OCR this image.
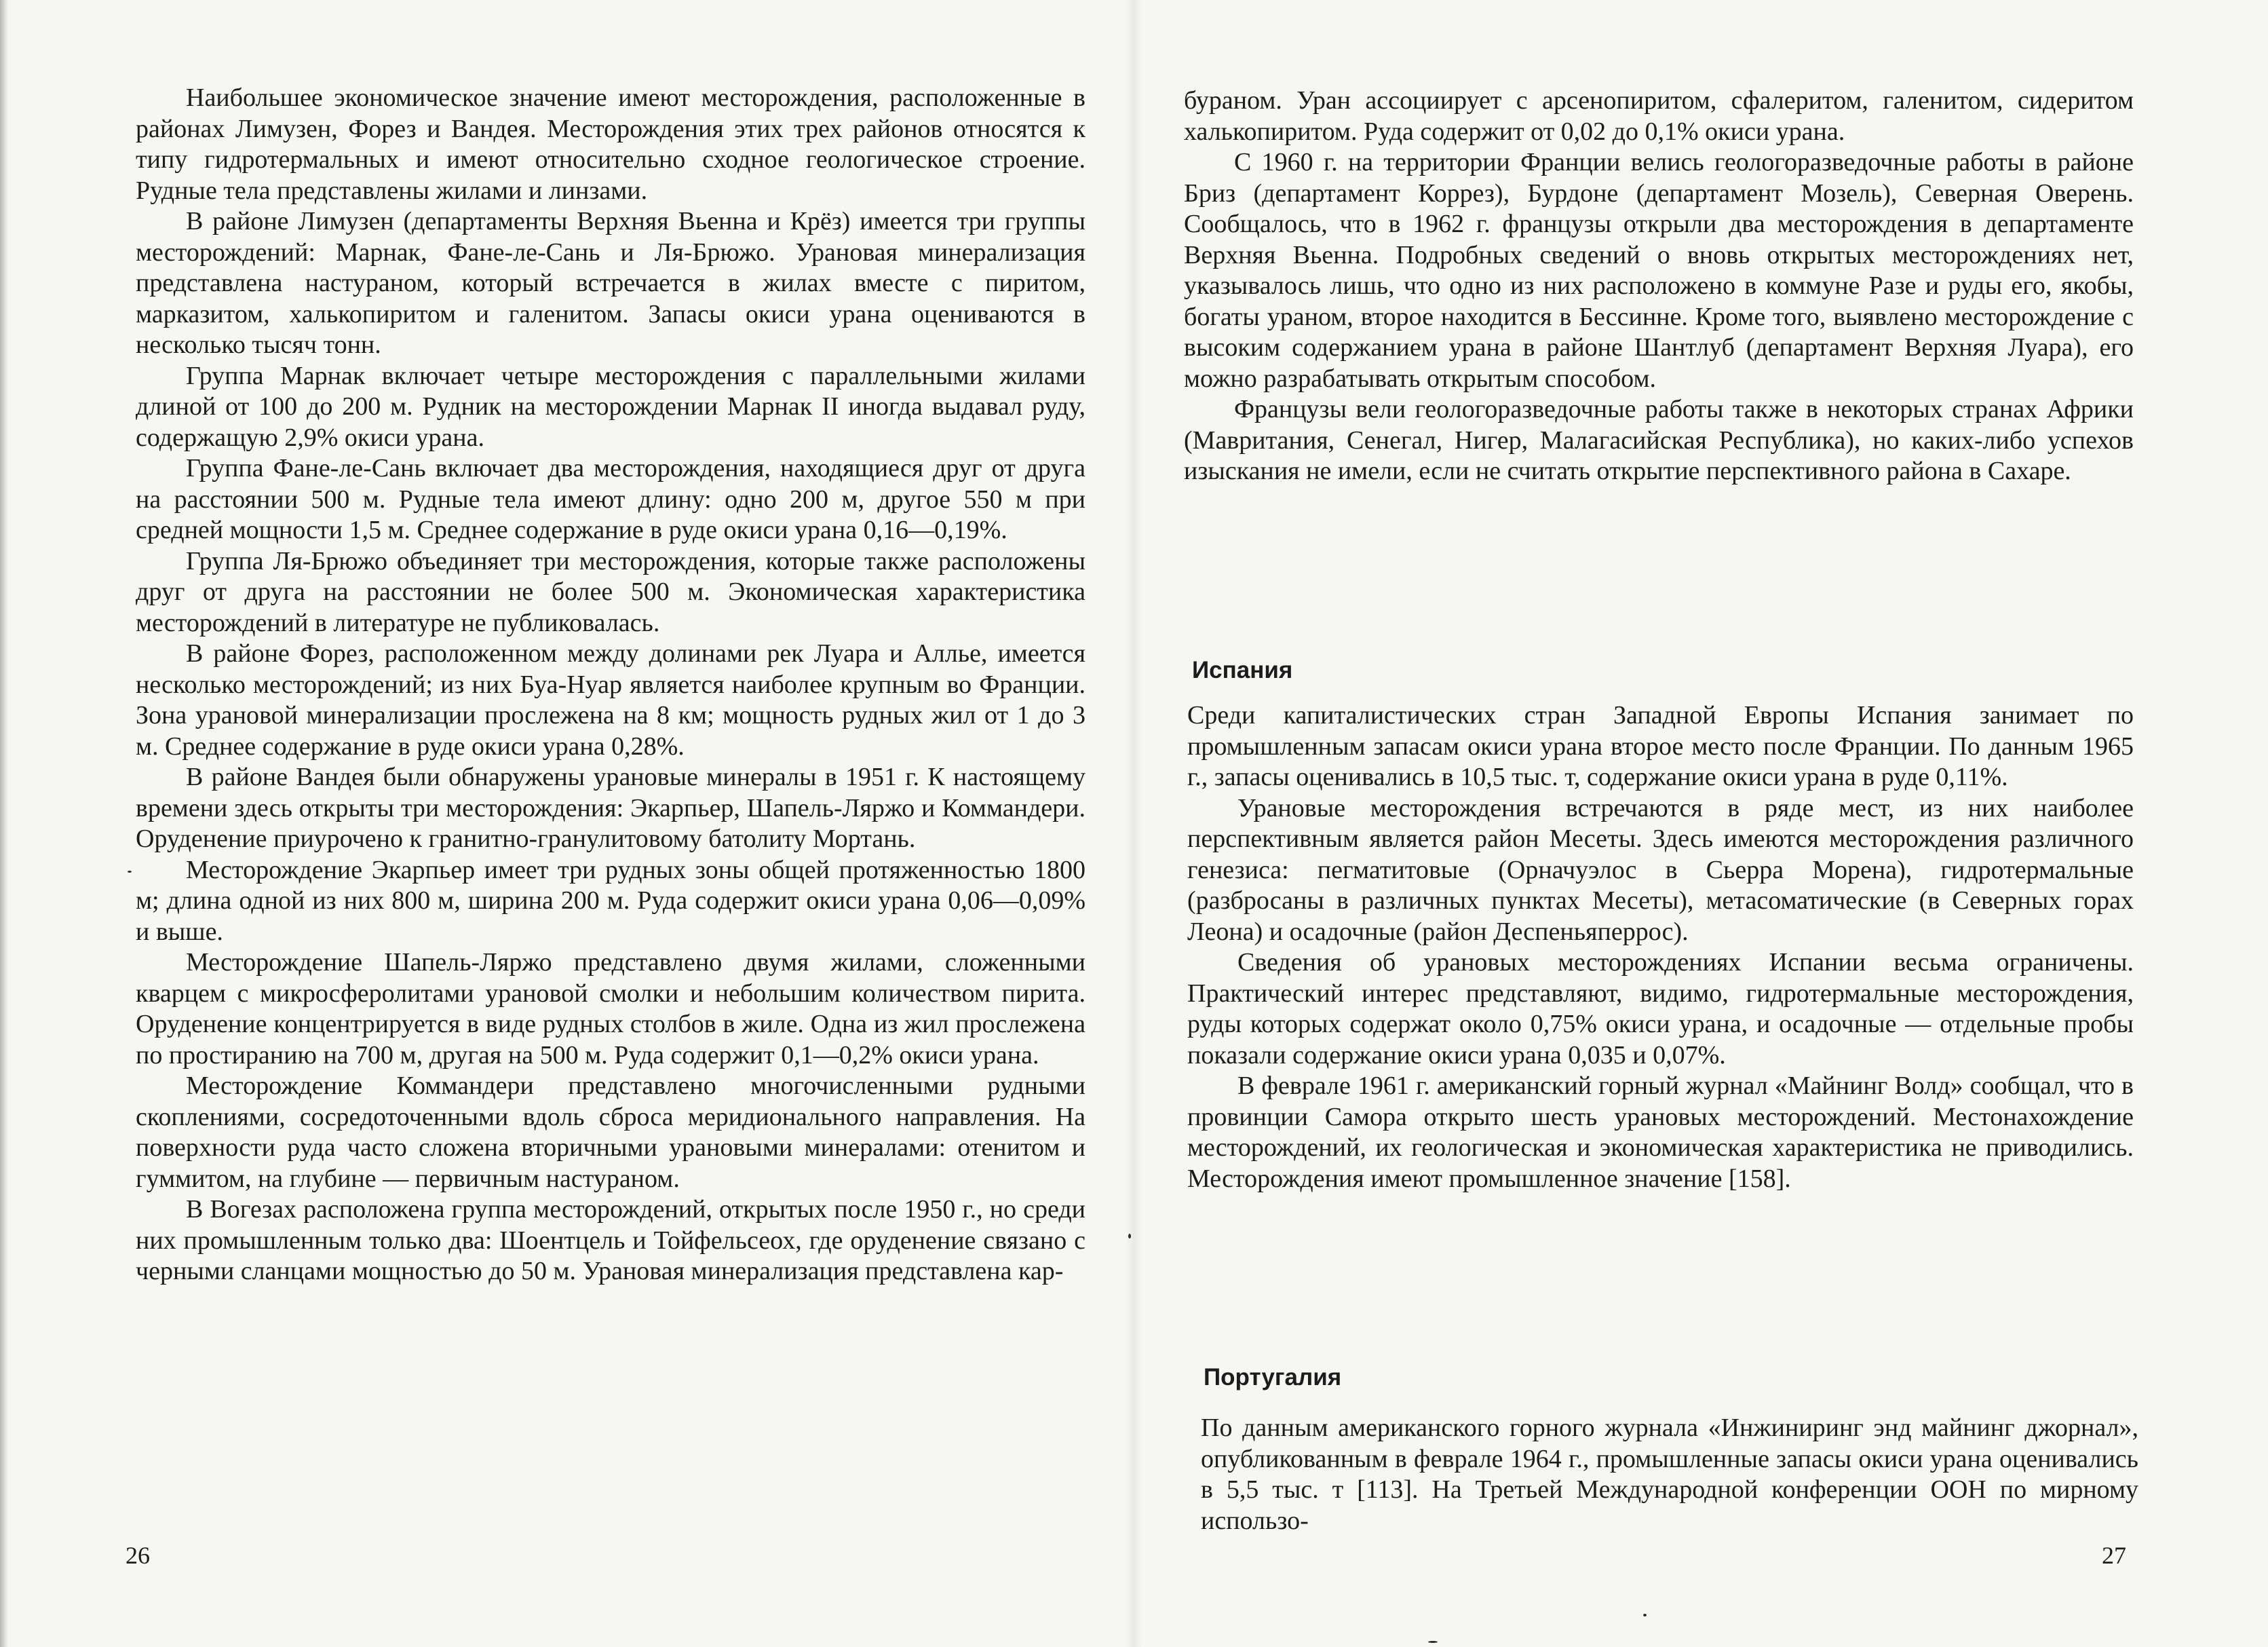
Наибольшее экономическое значение имеют месторождения, расположенные в районах Лимузен, Форез и Вандея. Месторождения этих трех районов относятся к типу гидротермальных и имеют относительно сходное геологическое строение. Рудные тела представлены жилами и линзами.

В районе Лимузен (департаменты Верхняя Вьенна и Крёз) имеется три группы месторождений: Марнак, Фане-ле-Сань и Ля-Брюжо. Урановая минерализация представлена настураном, который встречается в жилах вместе с пиритом, марказитом, халькопиритом и галенитом. Запасы окиси урана оцениваются в несколько тысяч тонн.

Группа Марнак включает четыре месторождения с параллельными жилами длиной от 100 до 200 м. Рудник на месторождении Марнак II иногда выдавал руду, содержащую 2,9% окиси урана.

Группа Фане-ле-Сань включает два месторождения, находящиеся друг от друга на расстоянии 500 м. Рудные тела имеют длину: одно 200 м, другое 550 м при средней мощности 1,5 м. Среднее содержание в руде окиси урана 0,16—0,19%.

Группа Ля-Брюжо объединяет три месторождения, которые также расположены друг от друга на расстоянии не более 500 м. Экономическая характеристика месторождений в литературе не публиковалась.

В районе Форез, расположенном между долинами рек Луара и Аллье, имеется несколько месторождений; из них Буа-Нуар является наиболее крупным во Франции. Зона урановой минерализации прослежена на 8 км; мощность рудных жил от 1 до 3 м. Среднее содержание в руде окиси урана 0,28%.

В районе Вандея были обнаружены урановые минералы в 1951 г. К настоящему времени здесь открыты три месторождения: Экарпьер, Шапель-Ляржо и Коммандери. Оруденение приурочено к гранитно-гранулитовому батолиту Мортань.

Месторождение Экарпьер имеет три рудных зоны общей протяженностью 1800 м; длина одной из них 800 м, ширина 200 м. Руда содержит окиси урана 0,06—0,09% и выше.

Месторождение Шапель-Ляржо представлено двумя жилами, сложенными кварцем с микросферолитами урановой смолки и небольшим количеством пирита. Оруденение концентрируется в виде рудных столбов в жиле. Одна из жил прослежена по простиранию на 700 м, другая на 500 м. Руда содержит 0,1—0,2% окиси урана.

Месторождение Коммандери представлено многочисленными рудными скоплениями, сосредоточенными вдоль сброса меридионального направления. На поверхности руда часто сложена вторичными урановыми минералами: отенитом и гуммитом, на глубине — первичным настураном.

В Вогезах расположена группа месторождений, открытых после 1950 г., но среди них промышленным только два: Шоентцель и Тойфельсеох, где оруденение связано с черными сланцами мощностью до 50 м. Урановая минерализация представлена кар-

26

бураном. Уран ассоциирует с арсенопиритом, сфалеритом, галенитом, сидеритом халькопиритом. Руда содержит от 0,02 до 0,1% окиси урана.

С 1960 г. на территории Франции велись геологоразведочные работы в районе Бриз (департамент Коррез), Бурдоне (департамент Мозель), Северная Оверень. Сообщалось, что в 1962 г. французы открыли два месторождения в департаменте Верхняя Вьенна. Подробных сведений о вновь открытых месторождениях нет, указывалось лишь, что одно из них расположено в коммуне Разе и руды его, якобы, богаты ураном, второе находится в Бессинне. Кроме того, выявлено месторождение с высоким содержанием урана в районе Шантлуб (департамент Верхняя Луара), его можно разрабатывать открытым способом.

Французы вели геологоразведочные работы также в некоторых странах Африки (Мавритания, Сенегал, Нигер, Малагасийская Республика), но каких-либо успехов изыскания не имели, если не считать открытие перспективного района в Сахаре.

Испания

Среди капиталистических стран Западной Европы Испания занимает по промышленным запасам окиси урана второе место после Франции. По данным 1965 г., запасы оценивались в 10,5 тыс. т, содержание окиси урана в руде 0,11%.

Урановые месторождения встречаются в ряде мест, из них наиболее перспективным является район Месеты. Здесь имеются месторождения различного генезиса: пегматитовые (Орначуэлос в Сьерра Морена), гидротермальные (разбросаны в различных пунктах Месеты), метасоматические (в Северных горах Леона) и осадочные (район Деспеньяперрос).

Сведения об урановых месторождениях Испании весьма ограничены. Практический интерес представляют, видимо, гидротермальные месторождения, руды которых содержат около 0,75% окиси урана, и осадочные — отдельные пробы показали содержание окиси урана 0,035 и 0,07%.

В феврале 1961 г. американский горный журнал «Майнинг Волд» сообщал, что в провинции Самора открыто шесть урановых месторождений. Местонахождение месторождений, их геологическая и экономическая характеристика не приводились. Месторождения имеют промышленное значение [158].

Португалия

По данным американского горного журнала «Инжиниринг энд майнинг джорнал», опубликованным в феврале 1964 г., промышленные запасы окиси урана оценивались в 5,5 тыс. т [113]. На Третьей Международной конференции ООН по мирному использо-

27
